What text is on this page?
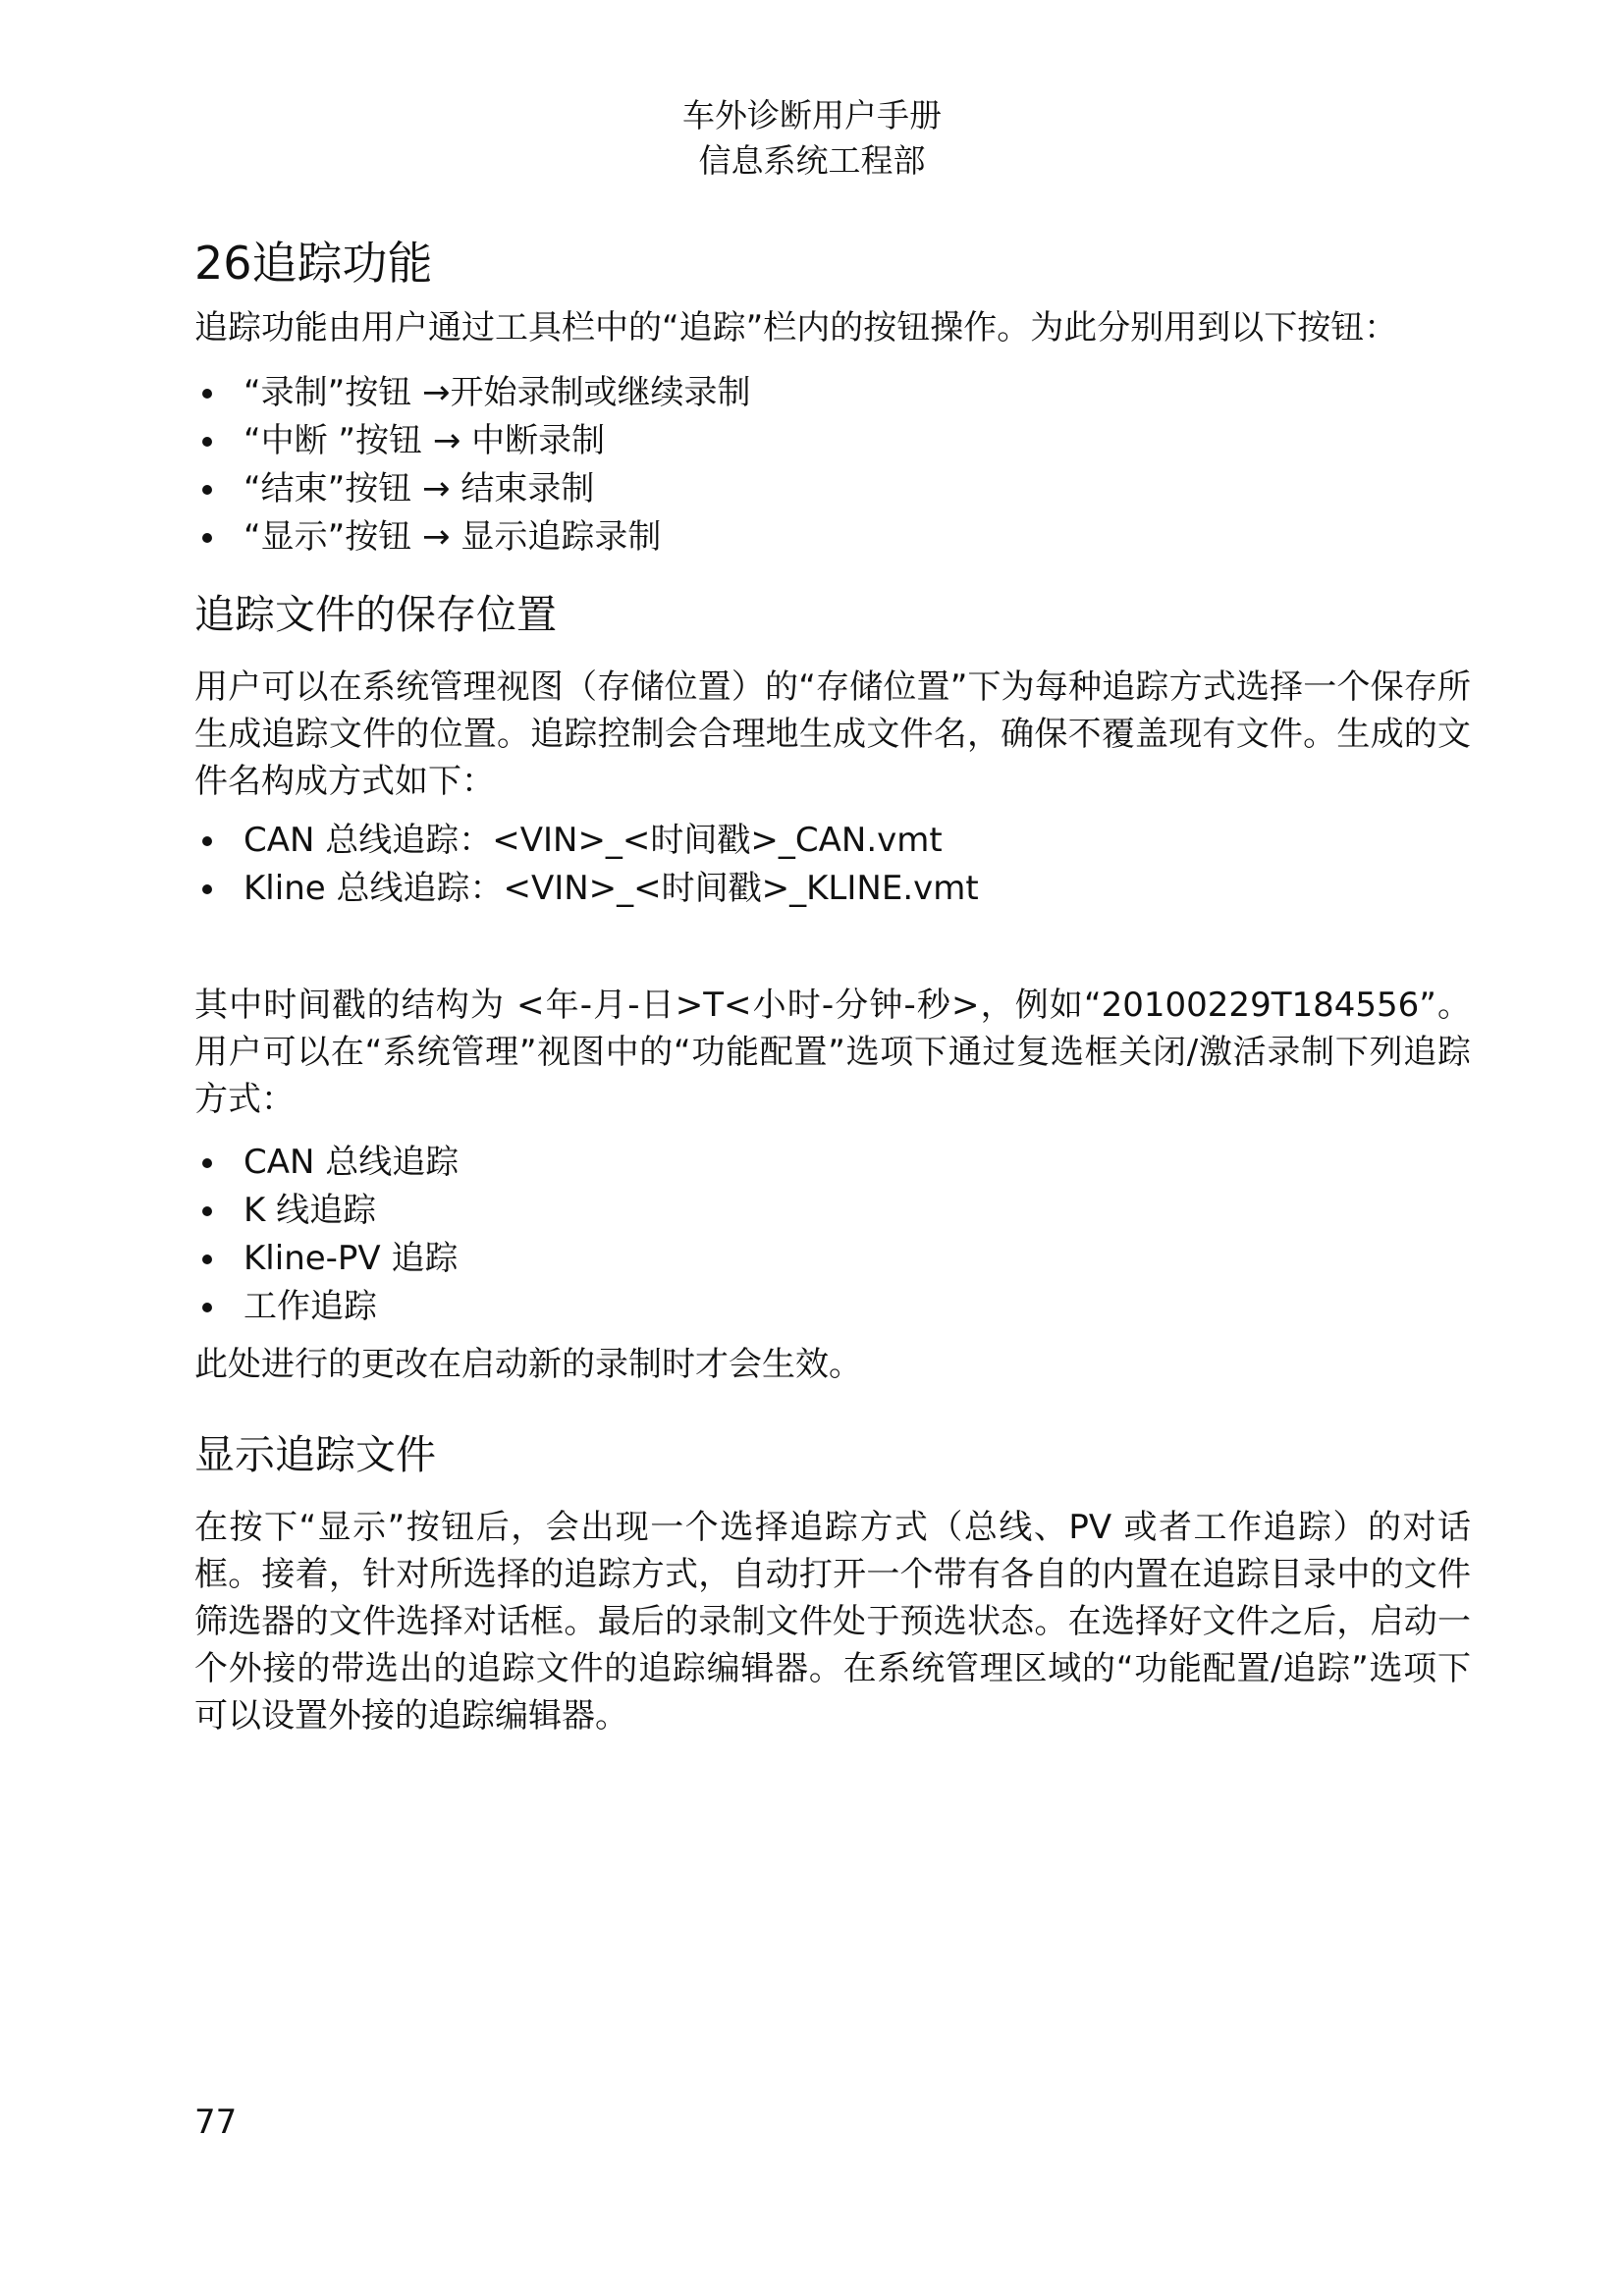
车外诊断用户手册
信息系统工程部
26追踪功能

追踪功能由用户通过工具栏中的“追踪”栏内的按钮操作。为此分别用到以下按钮：

“录制”按钮 →开始录制或继续录制
“中断 ”按钮 → 中断录制
“结束”按钮 → 结束录制
“显示”按钮 → 显示追踪录制
追踪文件的保存位置

用户可以在系统管理视图（存储位置）的“存储位置”下为每种追踪方式选择一个保存所生成追踪文件的位置。追踪控制会合理地生成文件名，确保不覆盖现有文件。生成的文件名构成方式如下：

CAN 总线追踪：<VIN>_<时间戳>_CAN.vmt
Kline 总线追踪：<VIN>_<时间戳>_KLINE.vmt

其中时间戳的结构为 <年-月-日>T<小时-分钟-秒>，例如“20100229T184556”。用户可以在“系统管理”视图中的“功能配置”选项下通过复选框关闭/激活录制下列追踪方式：

CAN 总线追踪
K 线追踪
Kline-PV 追踪
工作追踪

此处进行的更改在启动新的录制时才会生效。

显示追踪文件

在按下“显示”按钮后，会出现一个选择追踪方式（总线、PV 或者工作追踪）的对话框。接着，针对所选择的追踪方式，自动打开一个带有各自的内置在追踪目录中的文件筛选器的文件选择对话框。最后的录制文件处于预选状态。在选择好文件之后，启动一个外接的带选出的追踪文件的追踪编辑器。在系统管理区域的“功能配置/追踪”选项下可以设置外接的追踪编辑器。

77
